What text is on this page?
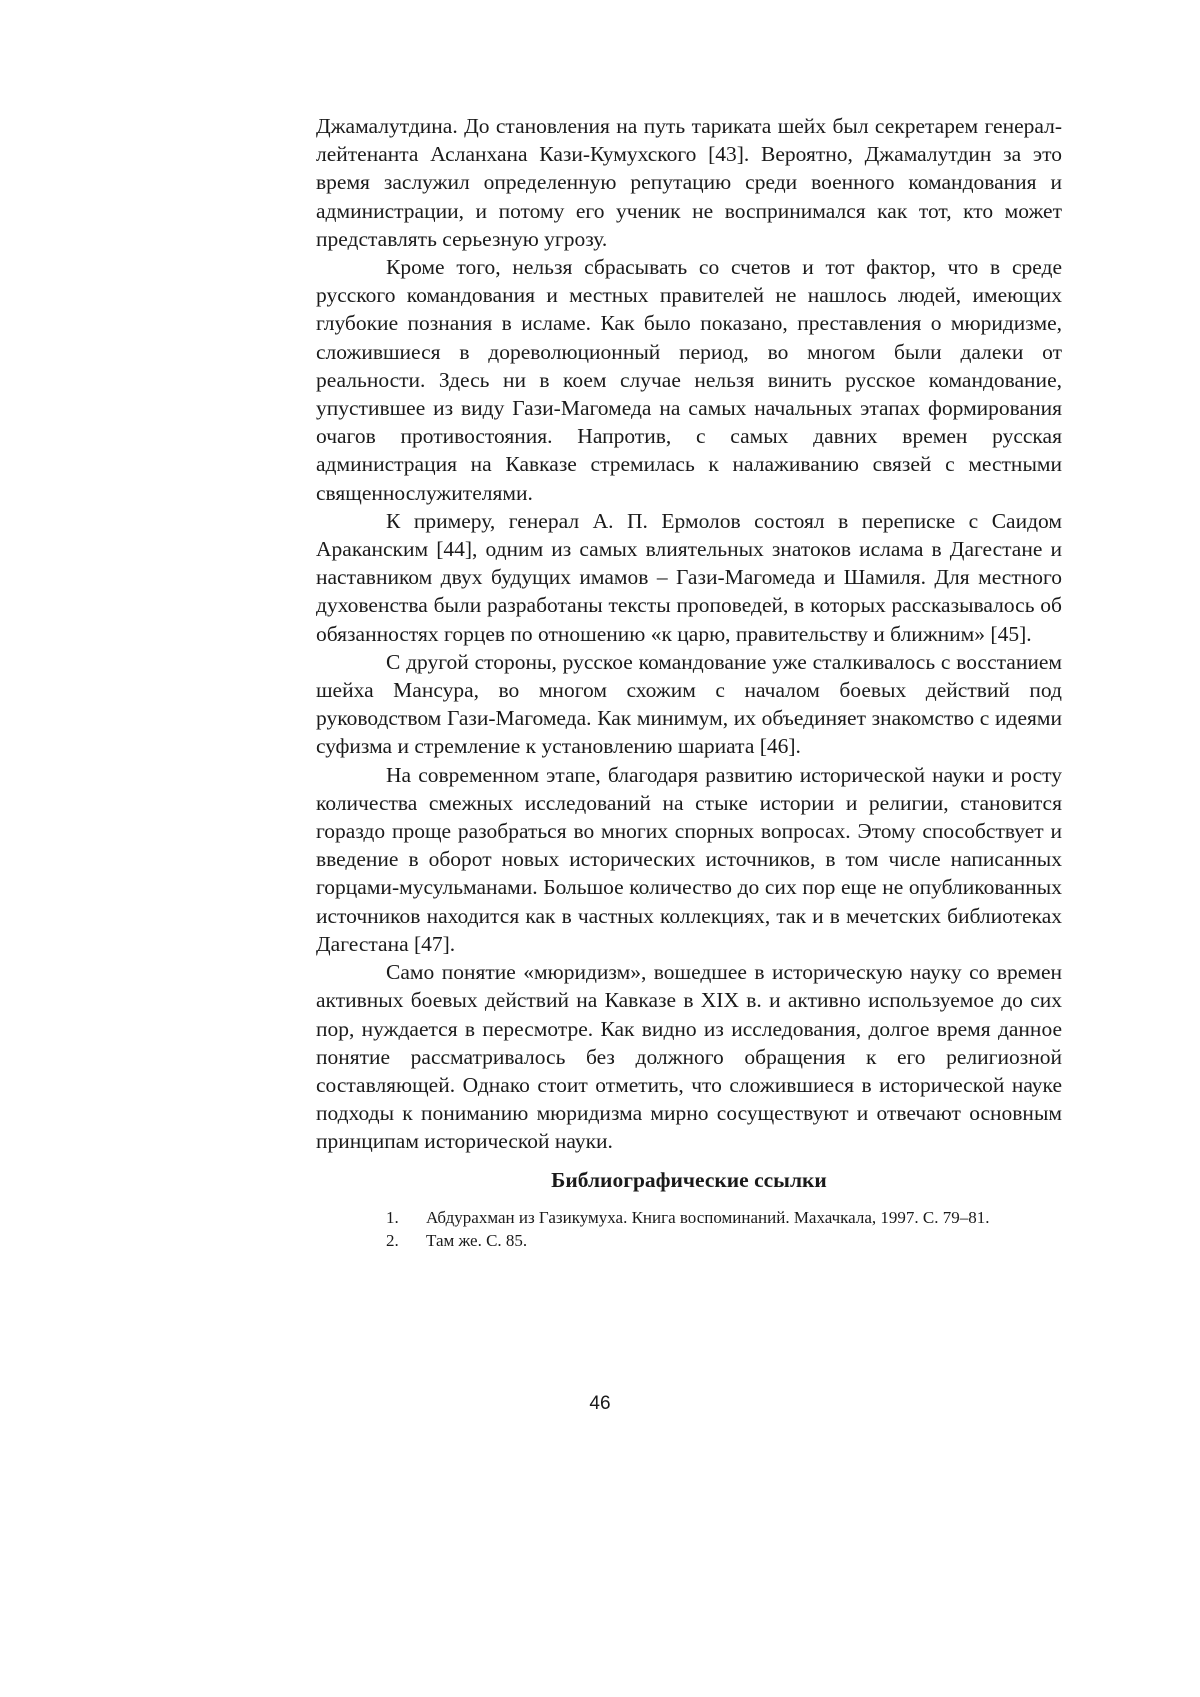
Джамалутдина. До становления на путь тариката шейх был секретарем генерал-лейтенанта Асланхана Кази-Кумухского [43]. Вероятно, Джамалутдин за это время заслужил определенную репутацию среди военного командования и администрации, и потому его ученик не воспринимался как тот, кто может представлять серьезную угрозу.

Кроме того, нельзя сбрасывать со счетов и тот фактор, что в среде русского командования и местных правителей не нашлось людей, имеющих глубокие познания в исламе. Как было показано, преставления о мюридизме, сложившиеся в дореволюционный период, во многом были далеки от реальности. Здесь ни в коем случае нельзя винить русское командование, упустившее из виду Гази-Магомеда на самых начальных этапах формирования очагов противостояния. Напротив, с самых давних времен русская администрация на Кавказе стремилась к налаживанию связей с местными священнослужителями.

К примеру, генерал А. П. Ермолов состоял в переписке с Саидом Араканским [44], одним из самых влиятельных знатоков ислама в Дагестане и наставником двух будущих имамов – Гази-Магомеда и Шамиля. Для местного духовенства были разработаны тексты проповедей, в которых рассказывалось об обязанностях горцев по отношению «к царю, правительству и ближним» [45].

С другой стороны, русское командование уже сталкивалось с восстанием шейха Мансура, во многом схожим с началом боевых действий под руководством Гази-Магомеда. Как минимум, их объединяет знакомство с идеями суфизма и стремление к установлению шариата [46].

На современном этапе, благодаря развитию исторической науки и росту количества смежных исследований на стыке истории и религии, становится гораздо проще разобраться во многих спорных вопросах. Этому способствует и введение в оборот новых исторических источников, в том числе написанных горцами-мусульманами. Большое количество до сих пор еще не опубликованных источников находится как в частных коллекциях, так и в мечетских библиотеках Дагестана [47].

Само понятие «мюридизм», вошедшее в историческую науку со времен активных боевых действий на Кавказе в XIX в. и активно используемое до сих пор, нуждается в пересмотре. Как видно из исследования, долгое время данное понятие рассматривалось без должного обращения к его религиозной составляющей. Однако стоит отметить, что сложившиеся в исторической науке подходы к пониманию мюридизма мирно сосуществуют и отвечают основным принципам исторической науки.

Библиографические ссылки

1. Абдурахман из Газикумуха. Книга воспоминаний. Махачкала, 1997. С. 79–81.

2. Там же. С. 85.

46
